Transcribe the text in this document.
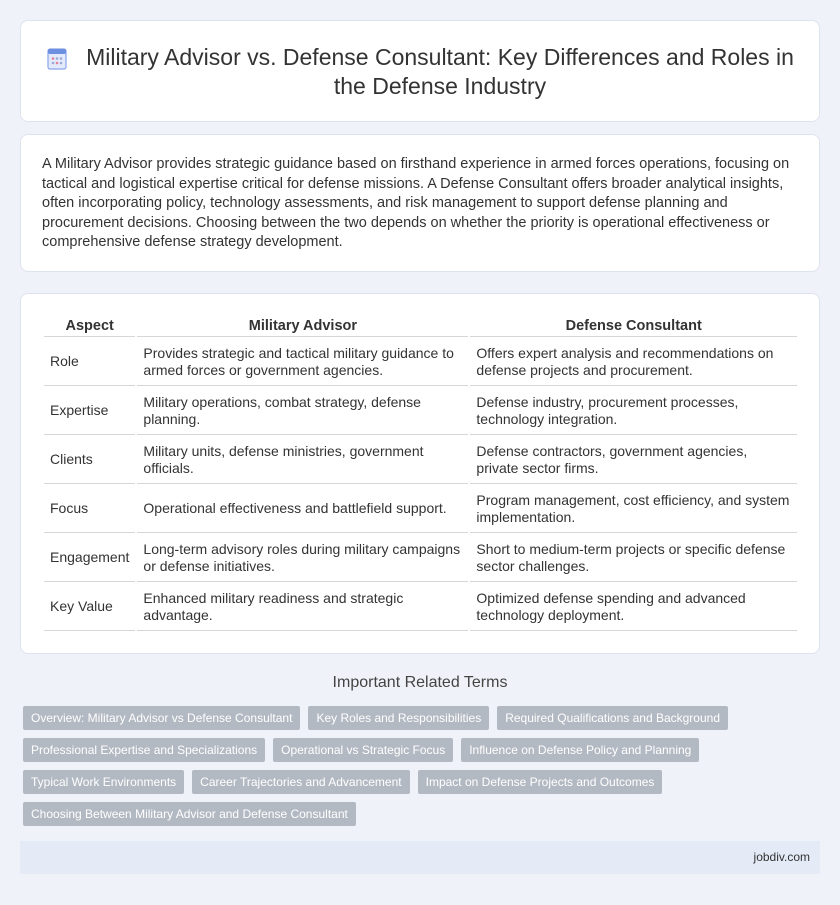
Military Advisor vs. Defense Consultant: Key Differences and Roles in the Defense Industry

A Military Advisor provides strategic guidance based on firsthand experience in armed forces operations, focusing on tactical and logistical expertise critical for defense missions. A Defense Consultant offers broader analytical insights, often incorporating policy, technology assessments, and risk management to support defense planning and procurement decisions. Choosing between the two depends on whether the priority is operational effectiveness or comprehensive defense strategy development.

Aspect	Military Advisor	Defense Consultant
Role	Provides strategic and tactical military guidance to armed forces or government agencies.	Offers expert analysis and recommendations on defense projects and procurement.
Expertise	Military operations, combat strategy, defense planning.	Defense industry, procurement processes, technology integration.
Clients	Military units, defense ministries, government officials.	Defense contractors, government agencies, private sector firms.
Focus	Operational effectiveness and battlefield support.	Program management, cost efficiency, and system implementation.
Engagement	Long-term advisory roles during military campaigns or defense initiatives.	Short to medium-term projects or specific defense sector challenges.
Key Value	Enhanced military readiness and strategic advantage.	Optimized defense spending and advanced technology deployment.
Important Related Terms
Overview: Military Advisor vs Defense Consultant	Key Roles and Responsibilities	Required Qualifications and Background
Professional Expertise and Specializations	Operational vs Strategic Focus	Influence on Defense Policy and Planning
Typical Work Environments	Career Trajectories and Advancement	Impact on Defense Projects and Outcomes
Choosing Between Military Advisor and Defense Consultant
jobdiv.com
